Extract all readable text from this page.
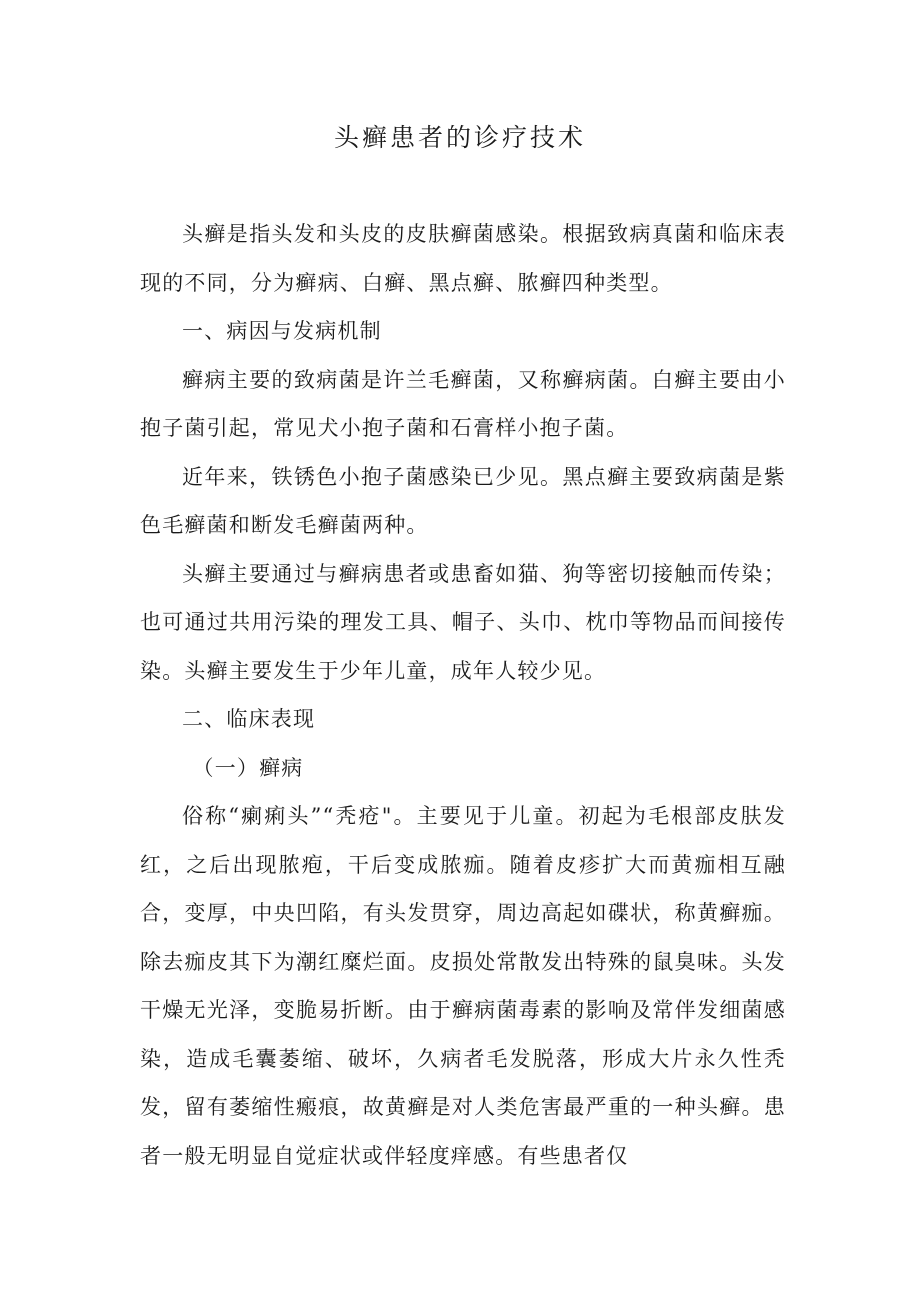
头癣患者的诊疗技术

头癣是指头发和头皮的皮肤癣菌感染。根据致病真菌和临床表现的不同，分为癣病、白癣、黑点癣、脓癣四种类型。

一、病因与发病机制

癣病主要的致病菌是许兰毛癣菌，又称癣病菌。白癣主要由小抱子菌引起，常见犬小抱子菌和石膏样小抱子菌。

近年来，铁锈色小抱子菌感染已少见。黑点癣主要致病菌是紫色毛癣菌和断发毛癣菌两种。

头癣主要通过与癣病患者或患畜如猫、狗等密切接触而传染；也可通过共用污染的理发工具、帽子、头巾、枕巾等物品而间接传染。头癣主要发生于少年儿童，成年人较少见。

二、临床表现

（一）癣病

俗称“瘌痢头”“秃疮"。主要见于儿童。初起为毛根部皮肤发红，之后出现脓疱，干后变成脓痂。随着皮疹扩大而黄痂相互融合，变厚，中央凹陷，有头发贯穿，周边高起如碟状，称黄癣痂。除去痂皮其下为潮红糜烂面。皮损处常散发出特殊的鼠臭味。头发干燥无光泽，变脆易折断。由于癣病菌毒素的影响及常伴发细菌感染，造成毛囊萎缩、破坏，久病者毛发脱落，形成大片永久性秃发，留有萎缩性瘢痕，故黄癣是对人类危害最严重的一种头癣。患者一般无明显自觉症状或伴轻度痒感。有些患者仅
